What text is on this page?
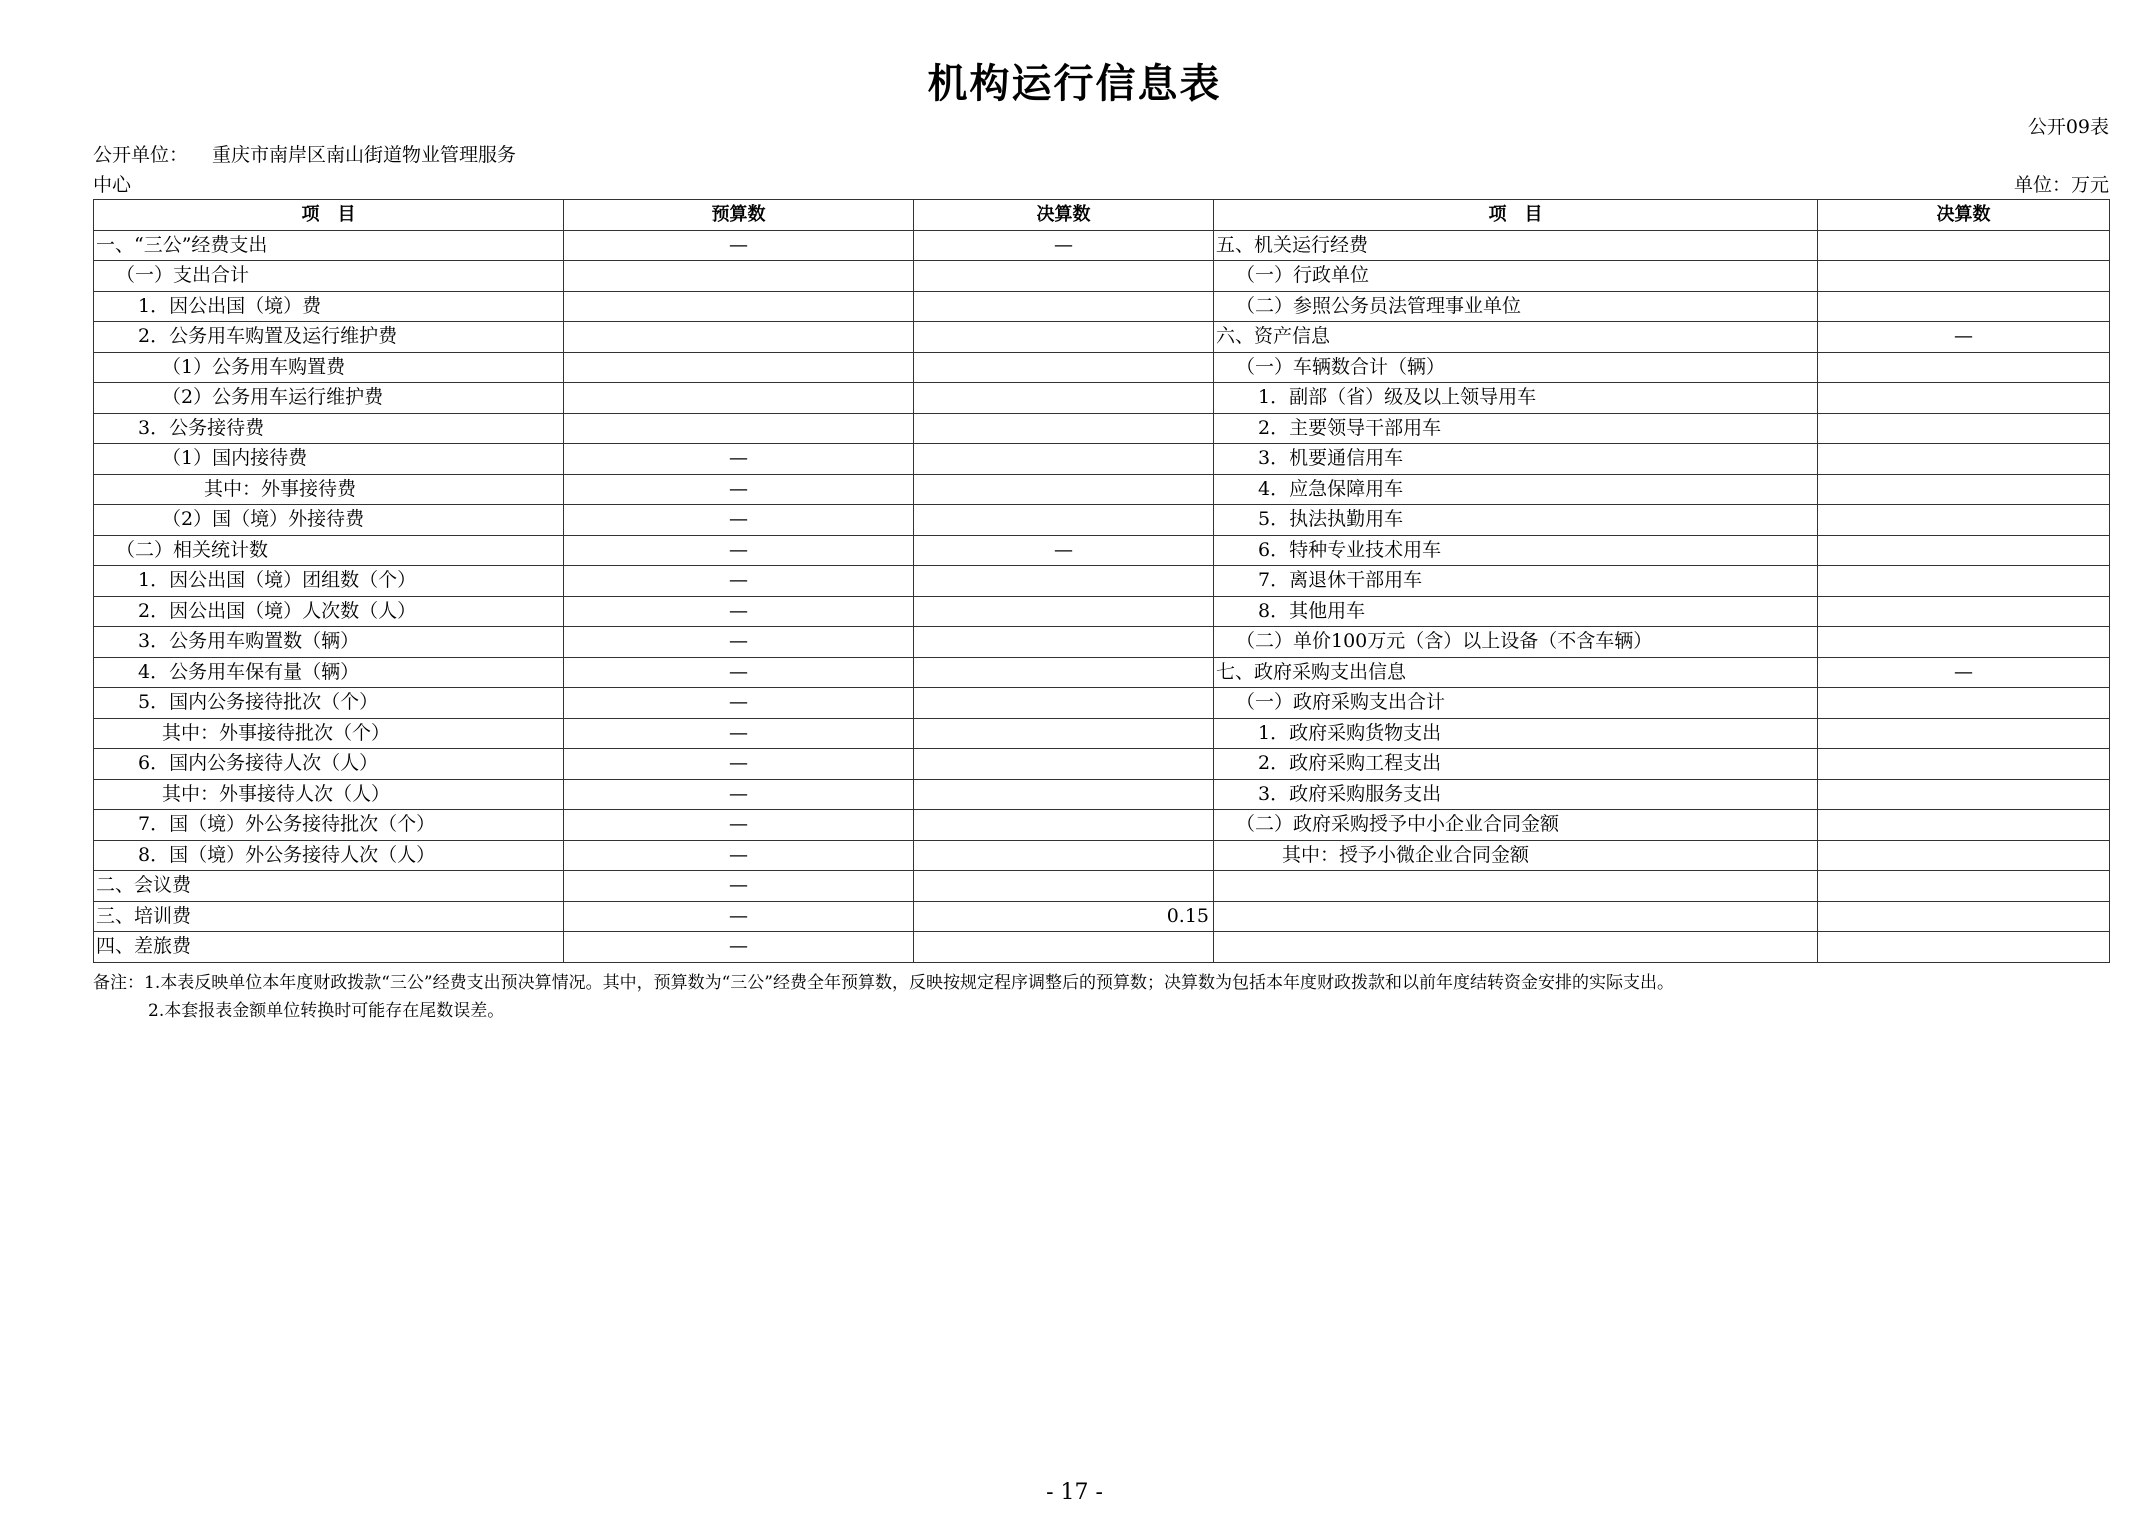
机构运行信息表
公开09表
公开单位： 重庆市南岸区南山街道物业管理服务
中心	单位：万元
项　目	预算数	决算数	项　目	决算数
一、“三公”经费支出	—	—	五、机关运行经费	
（一）支出合计			（一）行政单位	
1．因公出国（境）费			（二）参照公务员法管理事业单位	
2．公务用车购置及运行维护费			六、资产信息	—
（1）公务用车购置费			（一）车辆数合计（辆）	
（2）公务用车运行维护费			1．副部（省）级及以上领导用车	
3．公务接待费			2．主要领导干部用车	
（1）国内接待费	—		3．机要通信用车	
其中：外事接待费	—		4．应急保障用车	
（2）国（境）外接待费	—		5．执法执勤用车	
（二）相关统计数	—	—	6．特种专业技术用车	
1．因公出国（境）团组数（个）	—		7．离退休干部用车	
2．因公出国（境）人次数（人）	—		8．其他用车	
3．公务用车购置数（辆）	—		（二）单价100万元（含）以上设备（不含车辆）	
4．公务用车保有量（辆）	—		七、政府采购支出信息	—
5．国内公务接待批次（个）	—		（一）政府采购支出合计	
其中：外事接待批次（个）	—		1．政府采购货物支出	
6．国内公务接待人次（人）	—		2．政府采购工程支出	
其中：外事接待人次（人）	—		3．政府采购服务支出	
7．国（境）外公务接待批次（个）	—		（二）政府采购授予中小企业合同金额	
8．国（境）外公务接待人次（人）	—		其中：授予小微企业合同金额	
二、会议费	—			
三、培训费	—	0.15		
四、差旅费	—			
备注：1.本表反映单位本年度财政拨款“三公”经费支出预决算情况。其中，预算数为“三公”经费全年预算数，反映按规定程序调整后的预算数；决算数为包括本年度财政拨款和以前年度结转资金安排的实际支出。
2.本套报表金额单位转换时可能存在尾数误差。
- 17 -
